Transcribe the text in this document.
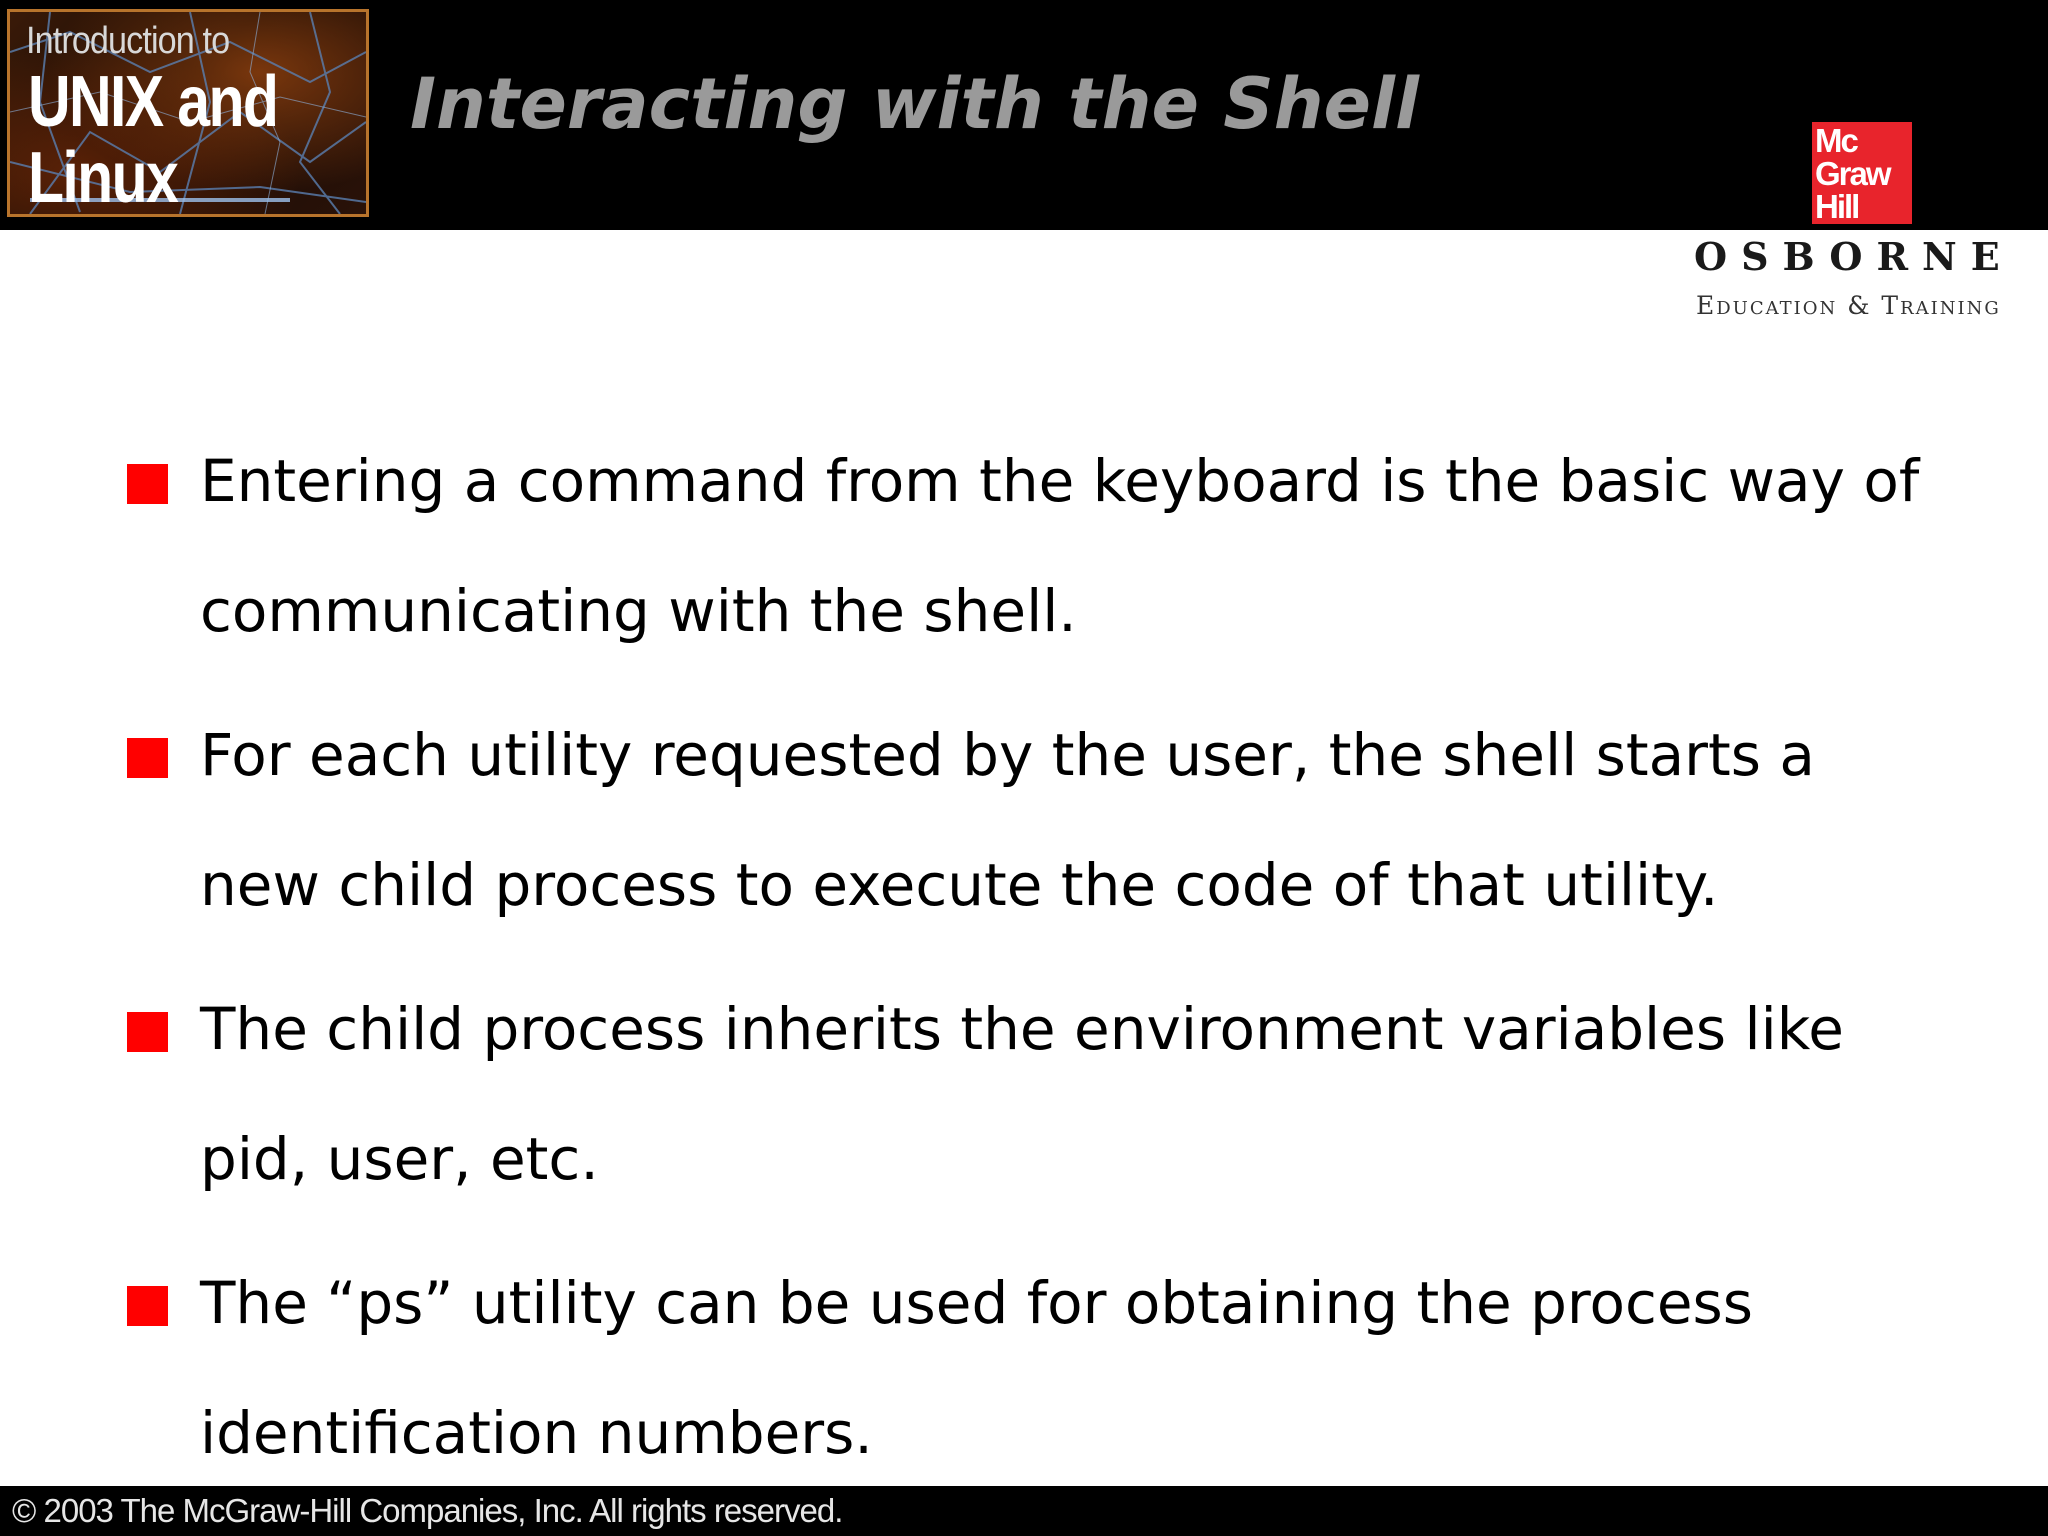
Introduction to
UNIX and
Linux
Interacting with the Shell	Mc
Graw
Hill
OSBORNE
Education & Training
Entering a command from the keyboard is the basic way of
communicating with the shell.
For each utility requested by the user, the shell starts a
new child process to execute the code of that utility.
The child process inherits the environment variables like
pid, user, etc.
The “ps” utility can be used for obtaining the process
identification numbers.
© 2003 The McGraw-Hill Companies, Inc. All rights reserved.
